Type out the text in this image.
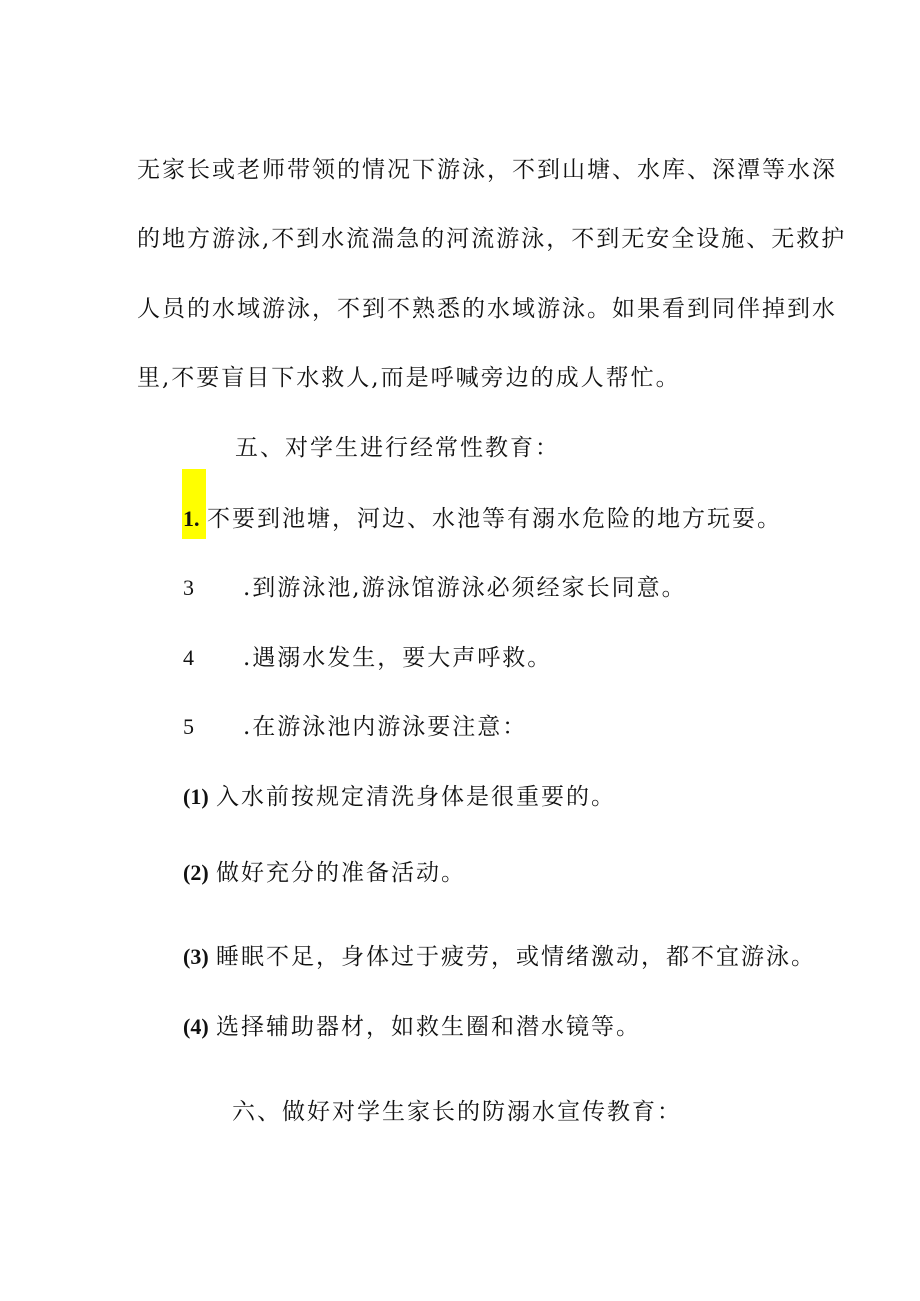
无家长或老师带领的情况下游泳，不到山塘、水库、深潭等水深
的地方游泳,不到水流湍急的河流游泳，不到无安全设施、无救护
人员的水域游泳，不到不熟悉的水域游泳。如果看到同伴掉到水
里,不要盲目下水救人,而是呼喊旁边的成人帮忙。
五、对学生进行经常性教育：
1. 不要到池塘，河边、水池等有溺水危险的地方玩耍。
3 .到游泳池,游泳馆游泳必须经家长同意。
4 .遇溺水发生，要大声呼救。
5 .在游泳池内游泳要注意：
(1) 入水前按规定清洗身体是很重要的。
(2) 做好充分的准备活动。
(3) 睡眠不足，身体过于疲劳，或情绪激动，都不宜游泳。
(4) 选择辅助器材，如救生圈和潜水镜等。
六、做好对学生家长的防溺水宣传教育：
